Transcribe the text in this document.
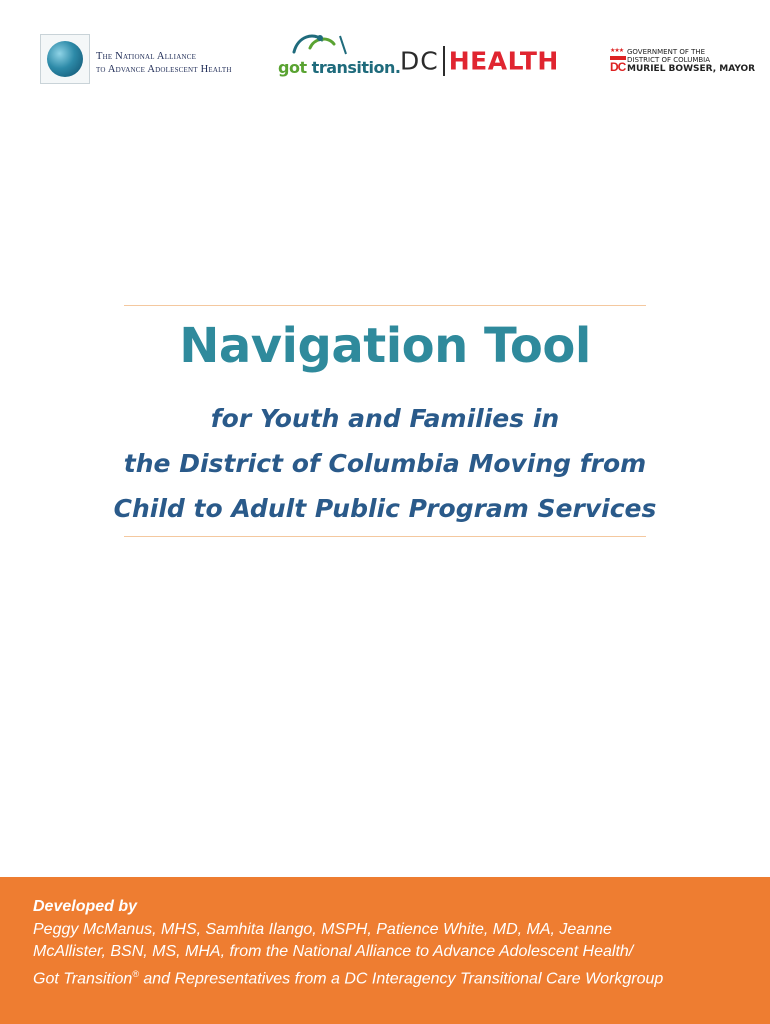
The National Alliance
to Advance Adolescent Health	got transition. DC HEALTH	★★★
DC
GOVERNMENT OF THE
DISTRICT OF COLUMBIA
MURIEL BOWSER, MAYOR
Navigation Tool
for Youth and Families in
the District of Columbia Moving from
Child to Adult Public Program Services
Developed by
Peggy McManus, MHS, Samhita Ilango, MSPH, Patience White, MD, MA, Jeanne
McAllister, BSN, MS, MHA, from the National Alliance to Advance Adolescent Health/
Got Transition® and Representatives from a DC Interagency Transitional Care Workgroup
